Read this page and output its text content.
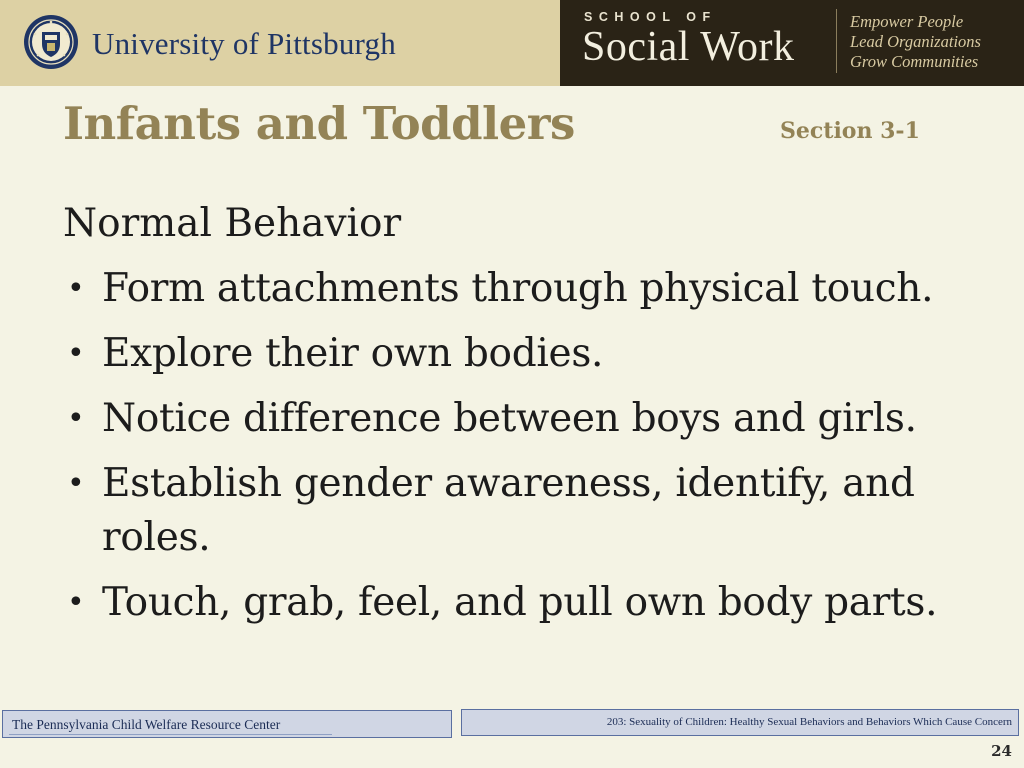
University of Pittsburgh
SCHOOL OF
Social Work
Empower People
Lead Organizations
Grow Communities
Infants and Toddlers	Section 3-1
Normal Behavior
• Form attachments through physical touch.
• Explore their own bodies.
• Notice difference between boys and girls.
• Establish gender awareness, identify, and roles.
• Touch, grab, feel, and pull own body parts.
The Pennsylvania Child Welfare Resource Center	203: Sexuality of Children: Healthy Sexual Behaviors and Behaviors Which Cause Concern
24
